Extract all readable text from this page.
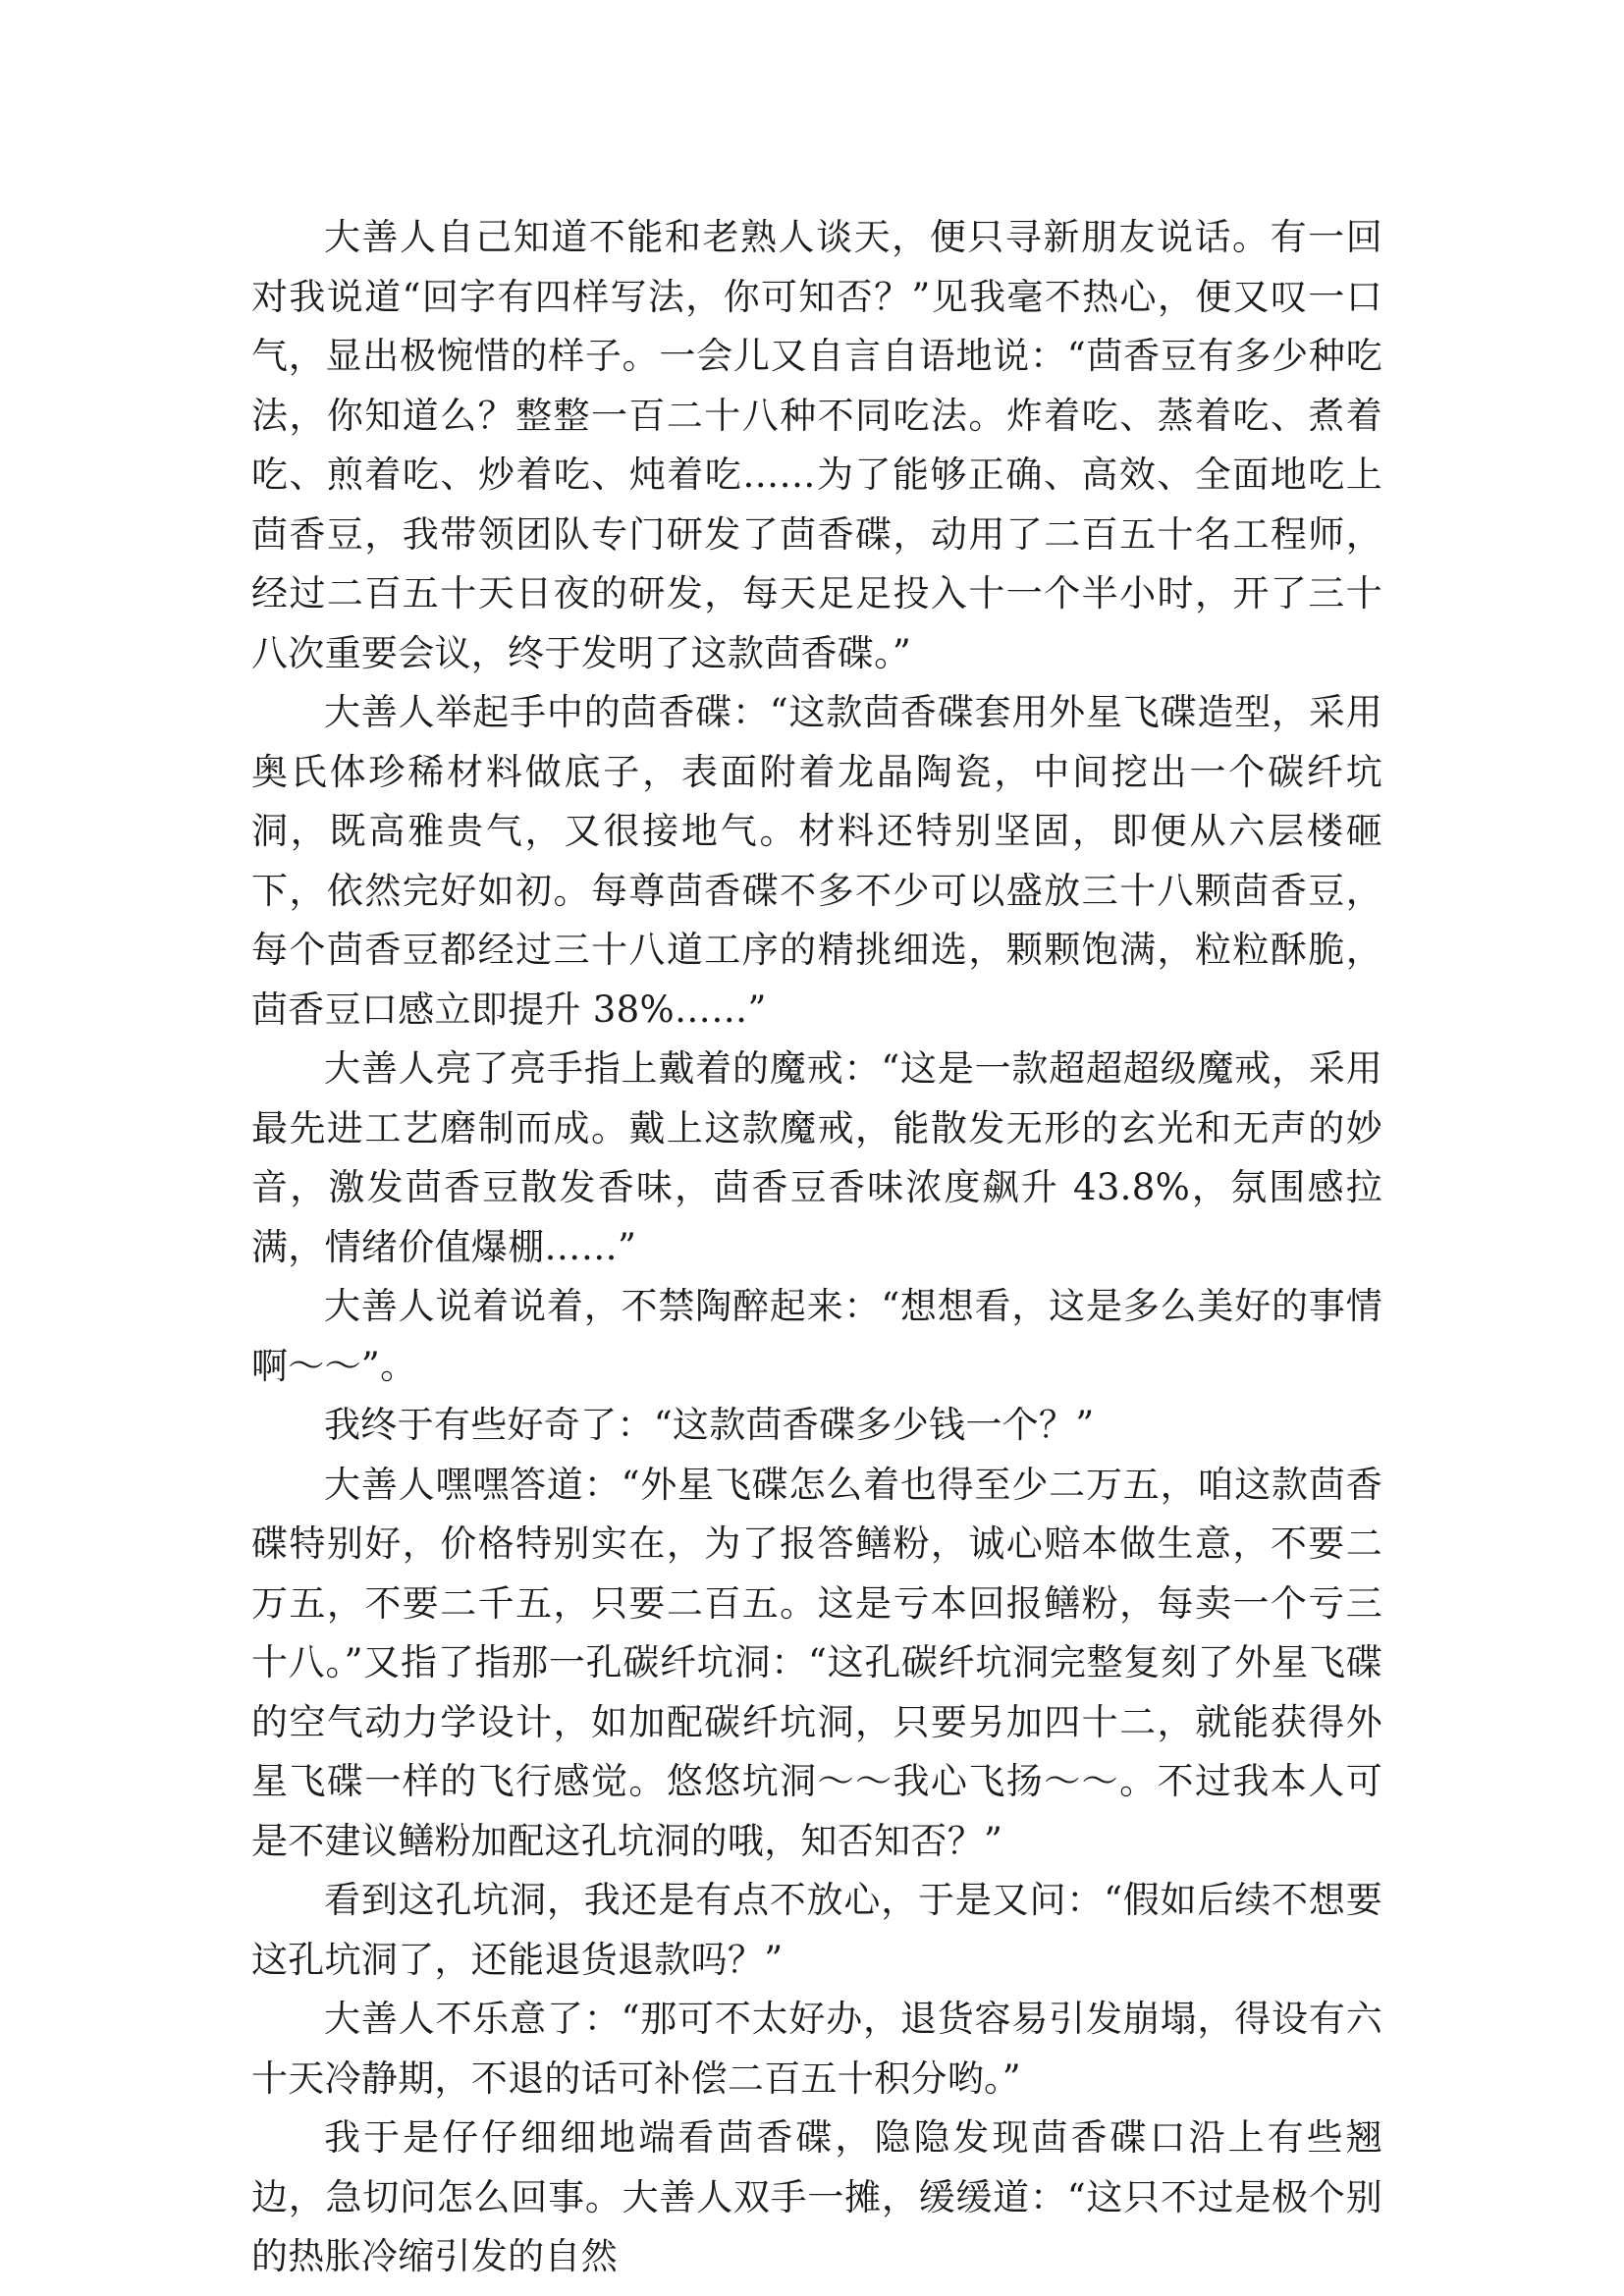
大善人自己知道不能和老熟人谈天，便只寻新朋友说话。有一回对我说道“回字有四样写法，你可知否？”见我毫不热心，便又叹一口气，显出极惋惜的样子。一会儿又自言自语地说：“茴香豆有多少种吃法，你知道么？整整一百二十八种不同吃法。炸着吃、蒸着吃、煮着吃、煎着吃、炒着吃、炖着吃……为了能够正确、高效、全面地吃上茴香豆，我带领团队专门研发了茴香碟，动用了二百五十名工程师，经过二百五十天日夜的研发，每天足足投入十一个半小时，开了三十八次重要会议，终于发明了这款茴香碟。”

大善人举起手中的茴香碟：“这款茴香碟套用外星飞碟造型，采用奥氏体珍稀材料做底子，表面附着龙晶陶瓷，中间挖出一个碳纤坑洞，既高雅贵气，又很接地气。材料还特别坚固，即便从六层楼砸下，依然完好如初。每尊茴香碟不多不少可以盛放三十八颗茴香豆，每个茴香豆都经过三十八道工序的精挑细选，颗颗饱满，粒粒酥脆，茴香豆口感立即提升 38%……”

大善人亮了亮手指上戴着的魔戒：“这是一款超超超级魔戒，采用最先进工艺磨制而成。戴上这款魔戒，能散发无形的玄光和无声的妙音，激发茴香豆散发香味，茴香豆香味浓度飙升 43.8%，氛围感拉满，情绪价值爆棚……”

大善人说着说着，不禁陶醉起来：“想想看，这是多么美好的事情啊～～”。

我终于有些好奇了：“这款茴香碟多少钱一个？”

大善人嘿嘿答道：“外星飞碟怎么着也得至少二万五，咱这款茴香碟特别好，价格特别实在，为了报答鳝粉，诚心赔本做生意，不要二万五，不要二千五，只要二百五。这是亏本回报鳝粉，每卖一个亏三十八。”又指了指那一孔碳纤坑洞：“这孔碳纤坑洞完整复刻了外星飞碟的空气动力学设计，如加配碳纤坑洞，只要另加四十二，就能获得外星飞碟一样的飞行感觉。悠悠坑洞～～我心飞扬～～。不过我本人可是不建议鳝粉加配这孔坑洞的哦，知否知否？”

看到这孔坑洞，我还是有点不放心，于是又问：“假如后续不想要这孔坑洞了，还能退货退款吗？”

大善人不乐意了：“那可不太好办，退货容易引发崩塌，得设有六十天冷静期，不退的话可补偿二百五十积分哟。”

我于是仔仔细细地端看茴香碟，隐隐发现茴香碟口沿上有些翘边，急切问怎么回事。大善人双手一摊，缓缓道：“这只不过是极个别的热胀冷缩引发的自然
